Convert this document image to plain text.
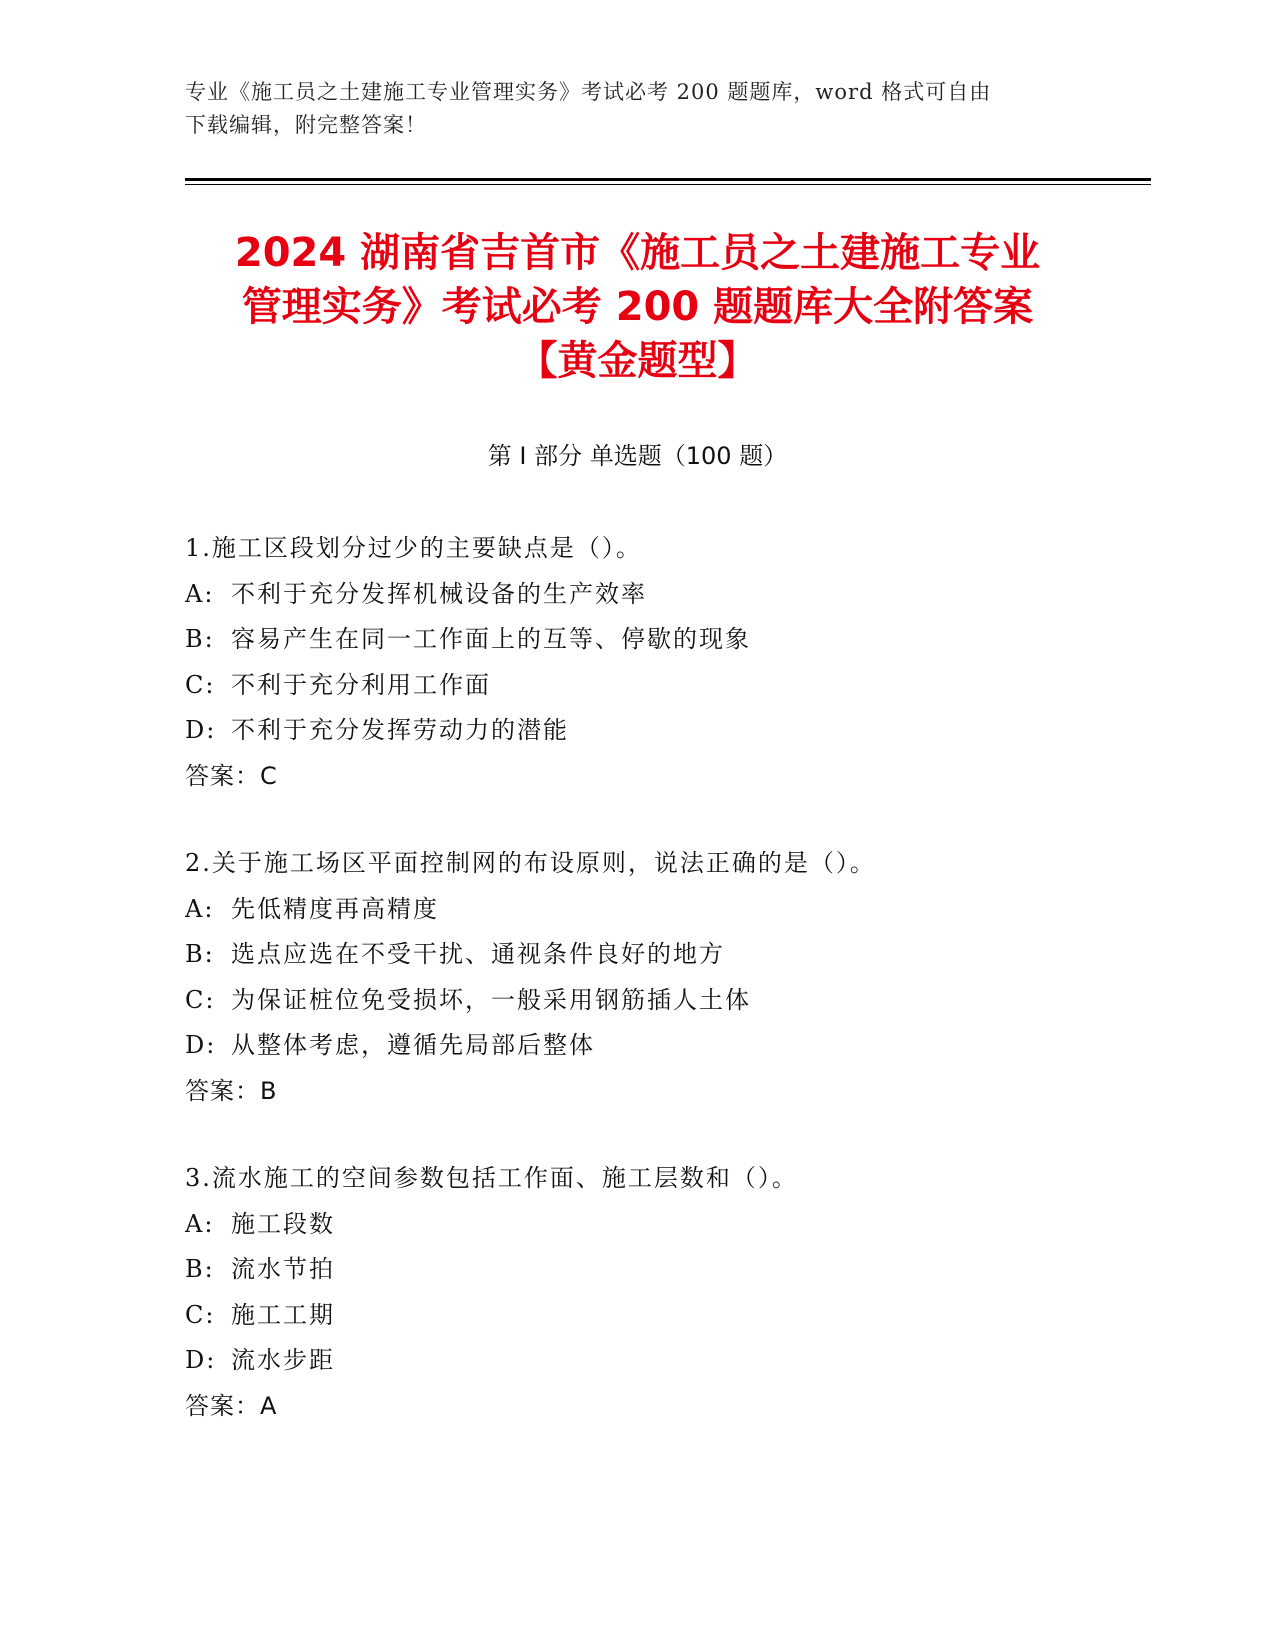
专业《施工员之土建施工专业管理实务》考试必考 200 题题库，word 格式可自由
下载编辑，附完整答案！
2024 湖南省吉首市《施工员之土建施工专业
管理实务》考试必考 200 题题库大全附答案
【黄金题型】
第 I 部分 单选题（100 题）
1.施工区段划分过少的主要缺点是（）。
A: 不利于充分发挥机械设备的生产效率
B: 容易产生在同一工作面上的互等、停歇的现象
C: 不利于充分利用工作面
D: 不利于充分发挥劳动力的潜能
答案：C
2.关于施工场区平面控制网的布设原则，说法正确的是（）。
A: 先低精度再高精度
B: 选点应选在不受干扰、通视条件良好的地方
C: 为保证桩位免受损坏，一般采用钢筋插人土体
D: 从整体考虑，遵循先局部后整体
答案：B
3.流水施工的空间参数包括工作面、施工层数和（）。
A: 施工段数
B: 流水节拍
C: 施工工期
D: 流水步距
答案：A
